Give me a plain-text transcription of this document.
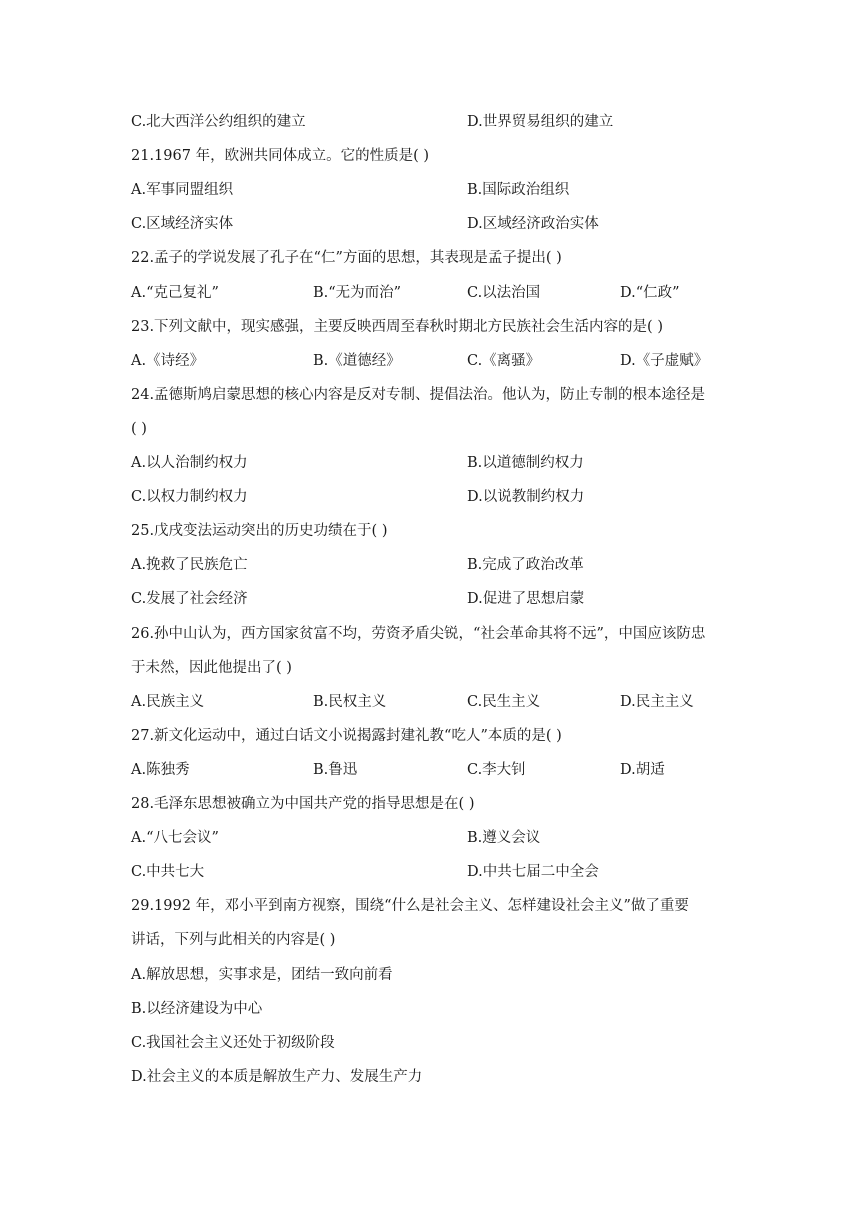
C.北大西洋公约组织的建立	D.世界贸易组织的建立
21.1967 年，欧洲共同体成立。它的性质是( )
A.军事同盟组织	B.国际政治组织
C.区域经济实体	D.区域经济政治实体
22.孟子的学说发展了孔子在“仁”方面的思想，其表现是孟子提出( )
A.“克己复礼”	B.“无为而治”	C.以法治国	D.“仁政”
23.下列文献中，现实感强，主要反映西周至春秋时期北方民族社会生活内容的是( )
A.《诗经》	B.《道德经》	C.《离骚》	D.《子虚赋》
24.孟德斯鸠启蒙思想的核心内容是反对专制、提倡法治。他认为，防止专制的根本途径是
( )
A.以人治制约权力	B.以道德制约权力
C.以权力制约权力	D.以说教制约权力
25.戊戌变法运动突出的历史功绩在于( )
A.挽救了民族危亡	B.完成了政治改革
C.发展了社会经济	D.促进了思想启蒙
26.孙中山认为，西方国家贫富不均，劳资矛盾尖锐，“社会革命其将不远”，中国应该防忠
于未然，因此他提出了( )
A.民族主义	B.民权主义	C.民生主义	D.民主主义
27.新文化运动中，通过白话文小说揭露封建礼教“吃人”本质的是( )
A.陈独秀	B.鲁迅	C.李大钊	D.胡适
28.毛泽东思想被确立为中国共产党的指导思想是在( )
A.“八七会议”	B.遵义会议
C.中共七大	D.中共七届二中全会
29.1992 年，邓小平到南方视察，围绕“什么是社会主义、怎样建设社会主义”做了重要
讲话，下列与此相关的内容是( )
A.解放思想，实事求是，团结一致向前看
B.以经济建设为中心
C.我国社会主义还处于初级阶段
D.社会主义的本质是解放生产力、发展生产力
